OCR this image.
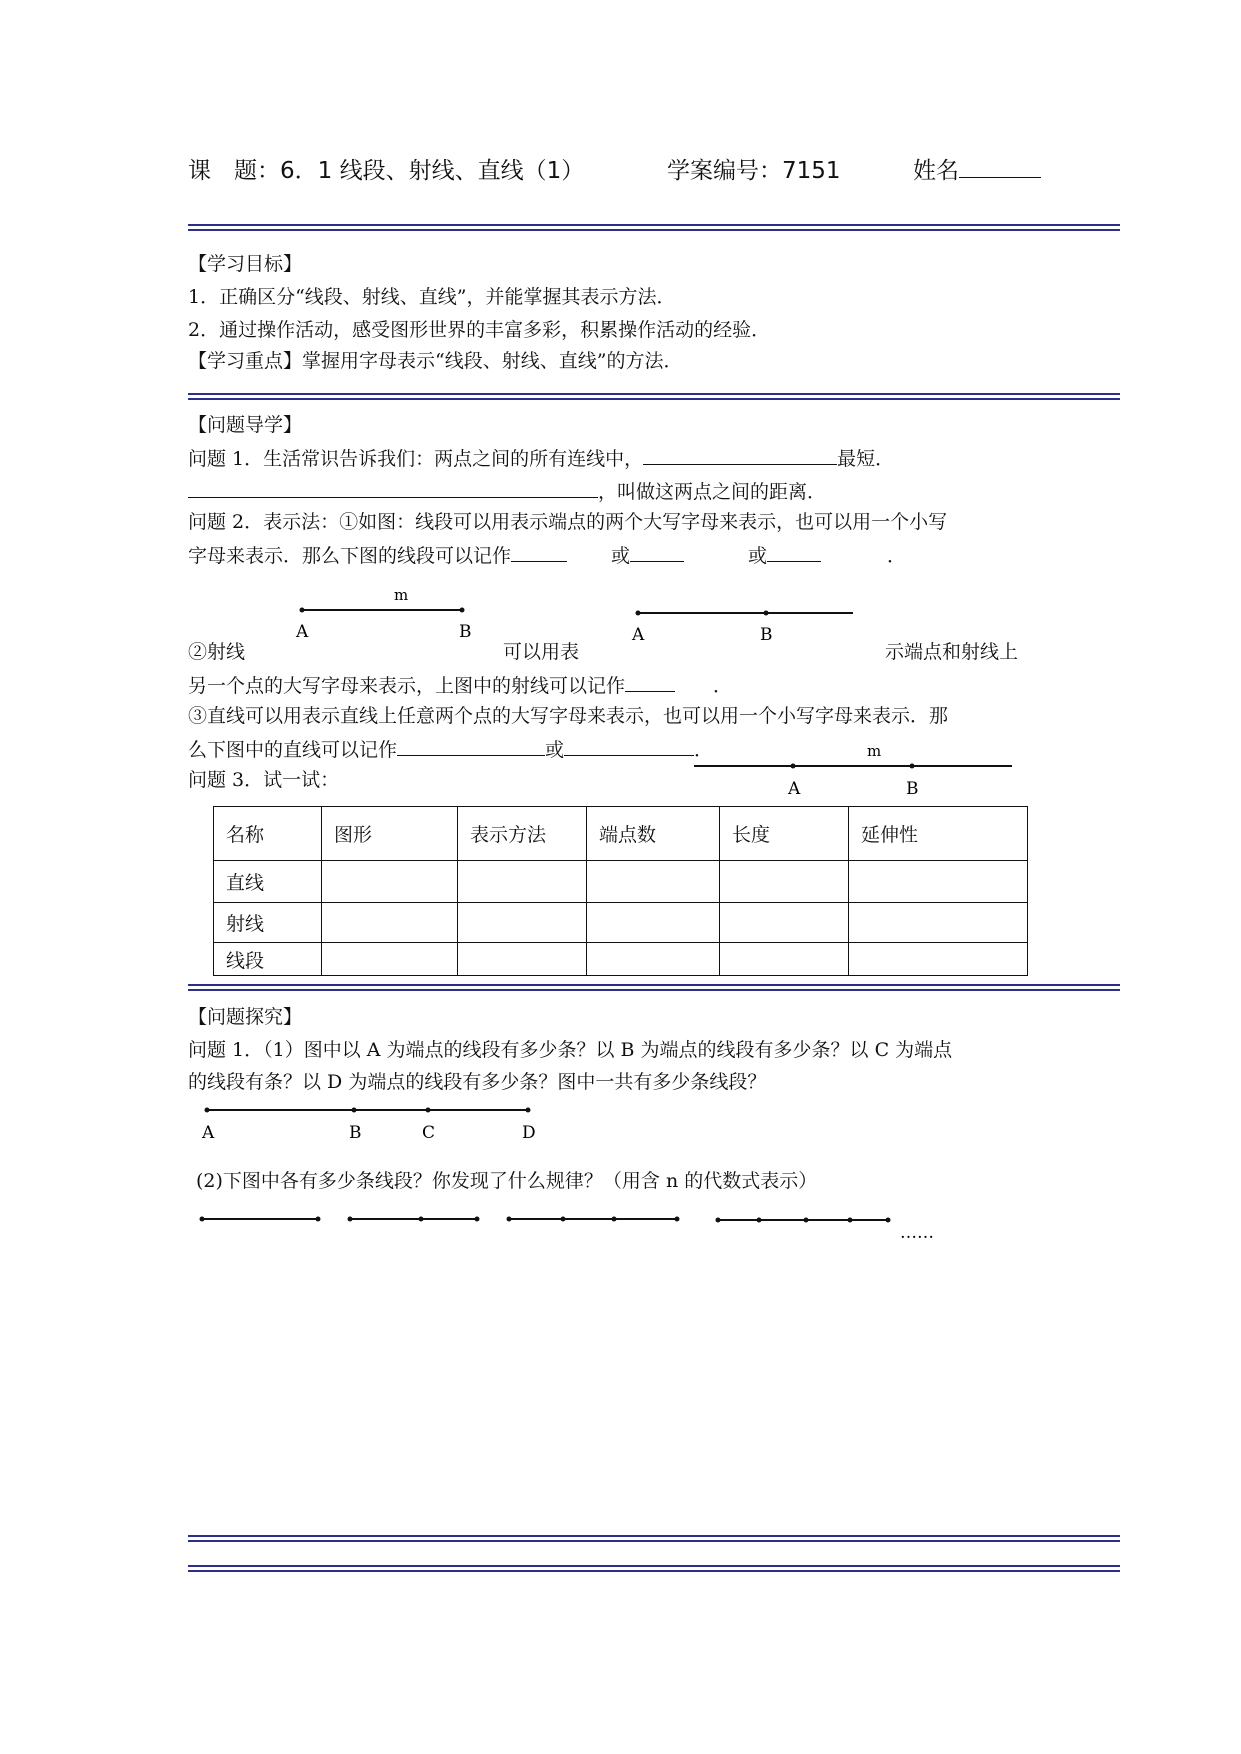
课　题：6．1 线段、射线、直线（1）	学案编号：7151	姓名
【学习目标】
1．正确区分“线段、射线、直线”，并能掌握其表示方法．
2．通过操作活动，感受图形世界的丰富多彩，积累操作活动的经验．
【学习重点】掌握用字母表示“线段、射线、直线”的方法．
【问题导学】
问题 1．生活常识告诉我们：两点之间的所有连线中，	最短．
，叫做这两点之间的距离．
问题 2．表示法：①如图：线段可以用表示端点的两个大写字母来表示，也可以用一个小写
字母来表示．那么下图的线段可以记作	或	或	．
m
A	B	A	B
m
A	B
A	B	C	D
……
②射线	可以用表	示端点和射线上
另一个点的大写字母来表示，上图中的射线可以记作	．
③直线可以用表示直线上任意两个点的大写字母来表示，也可以用一个小写字母来表示．那
么下图中的直线可以记作	或	．
问题 3．试一试：
名称	图形	表示方法	端点数	长度	延伸性
直线					
射线					
线段					
【问题探究】
问题 1．（1）图中以 A 为端点的线段有多少条？以 B 为端点的线段有多少条？以 C 为端点
的线段有条？以 D 为端点的线段有多少条？图中一共有多少条线段？
(2)下图中各有多少条线段？你发现了什么规律？（用含 n 的代数式表示）
